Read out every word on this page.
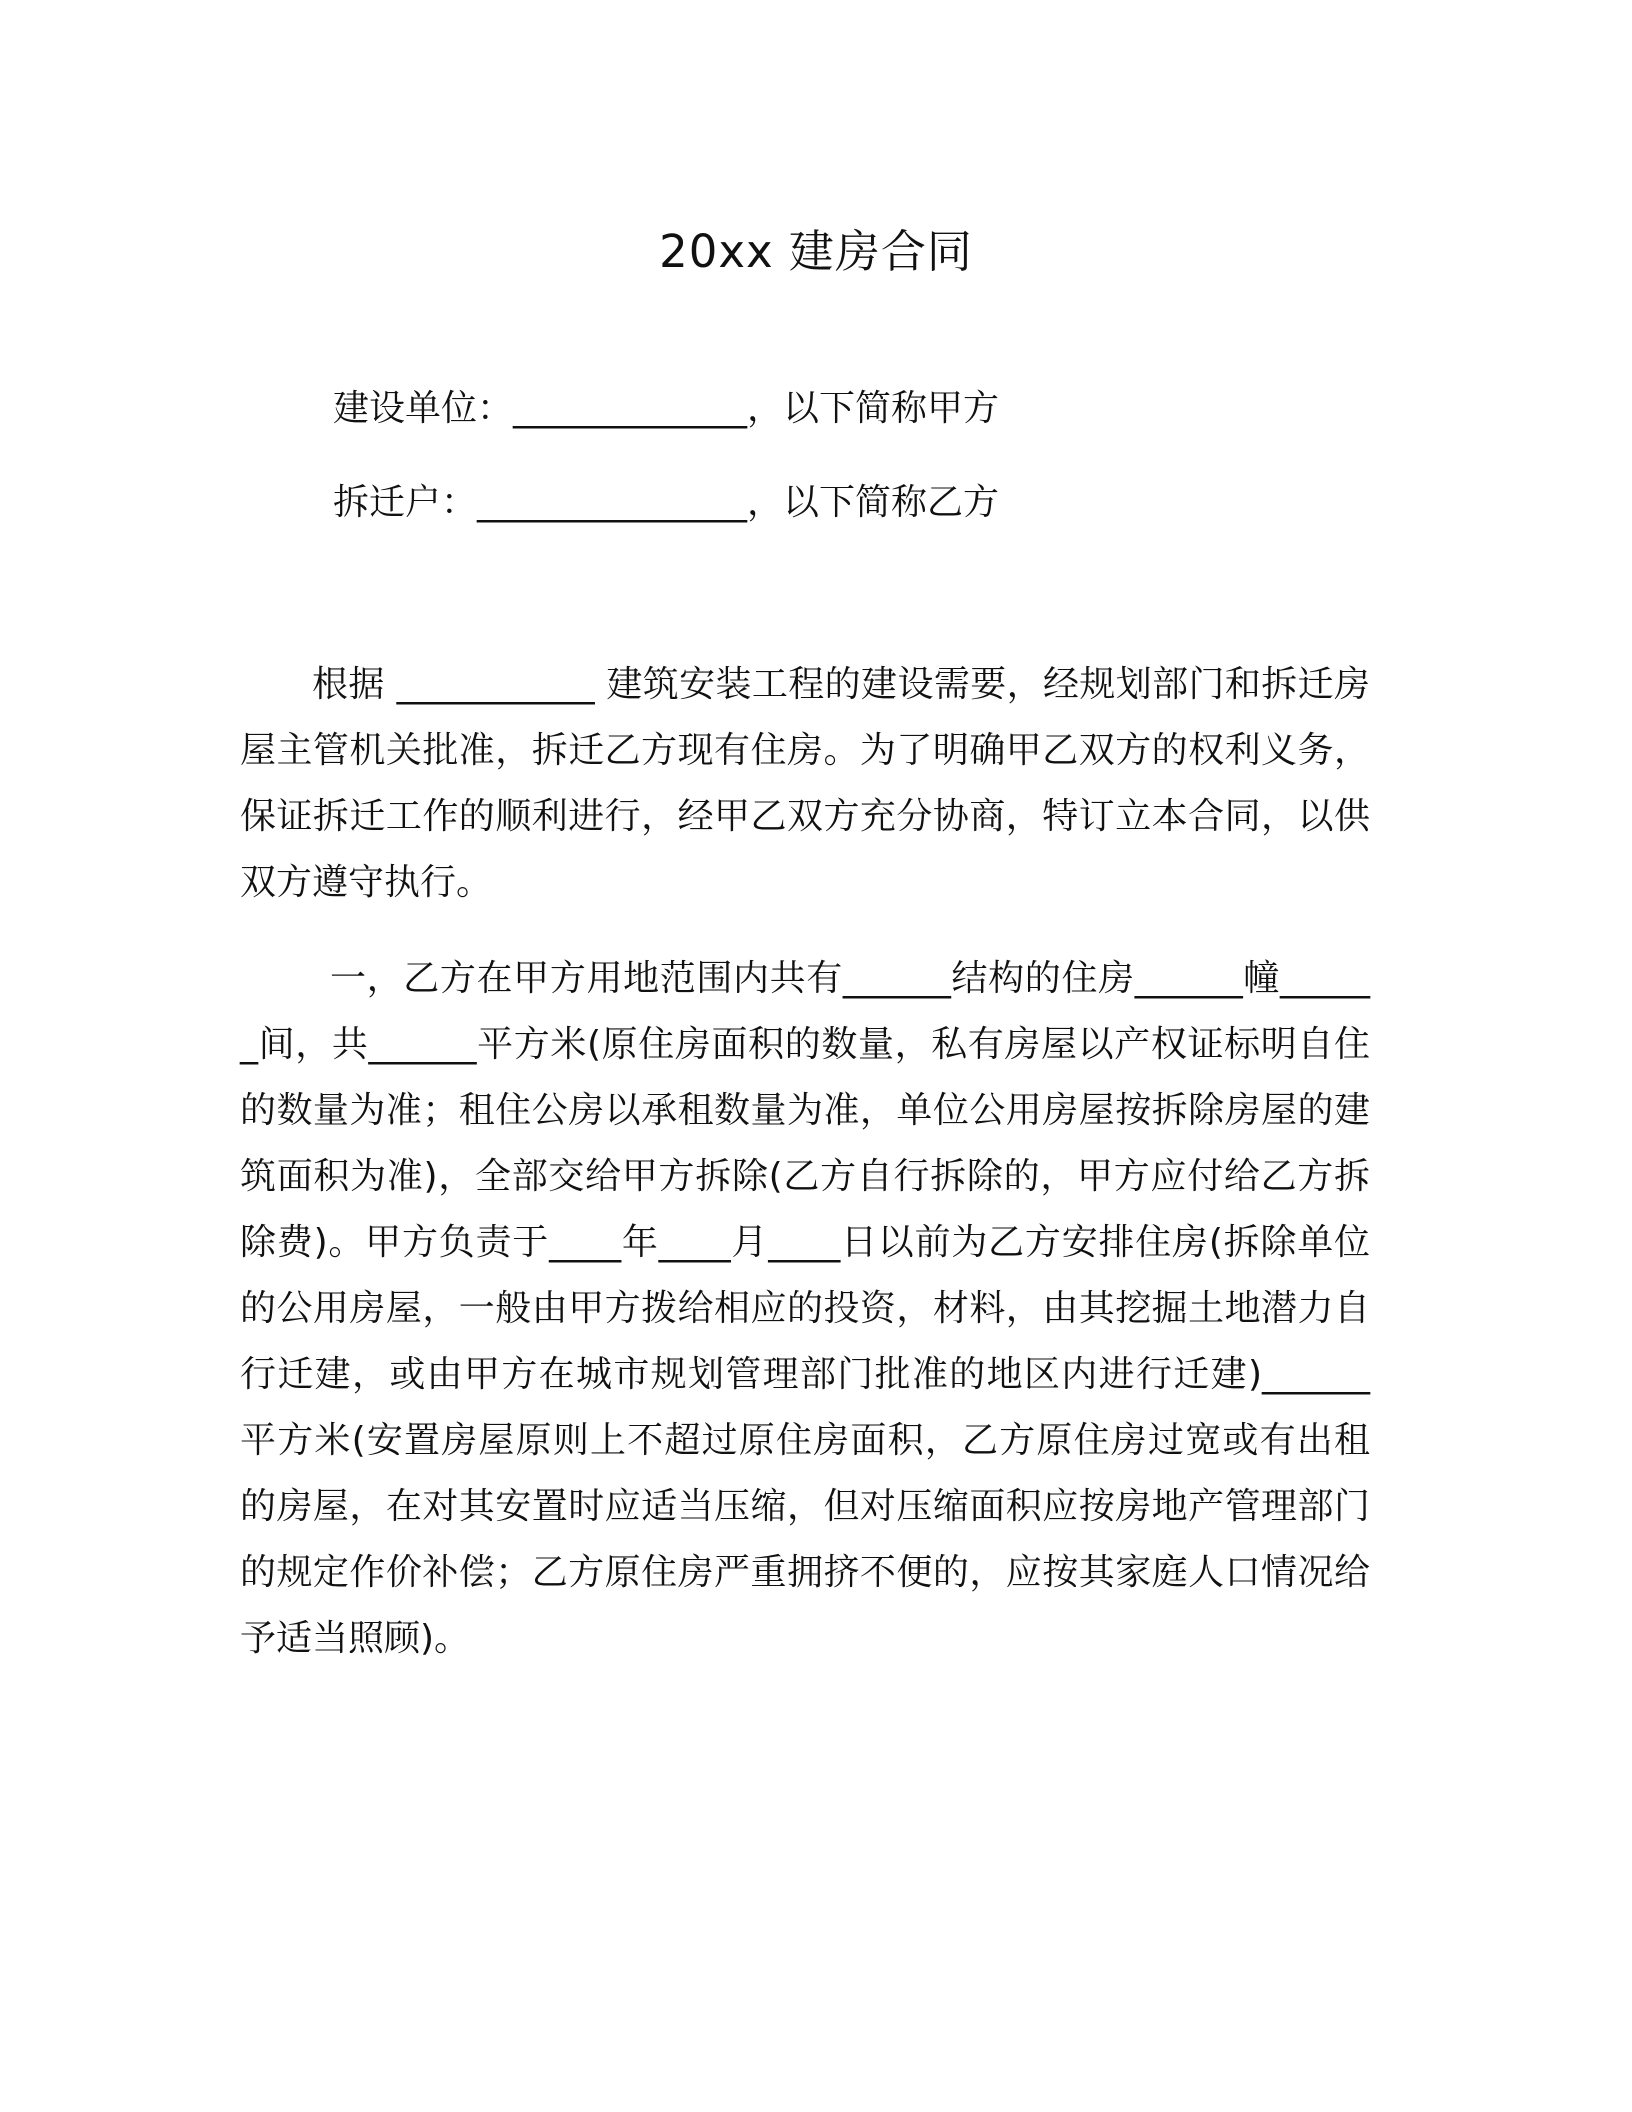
20xx 建房合同
建设单位：_____________，以下简称甲方
拆迁户：_______________，以下简称乙方
根据 ___________ 建筑安装工程的建设需要，经规划部门和拆迁房屋主管机关批准，拆迁乙方现有住房。为了明确甲乙双方的权利义务，保证拆迁工作的顺利进行，经甲乙双方充分协商，特订立本合同，以供双方遵守执行。
一，乙方在甲方用地范围内共有______结构的住房______幢______间，共______平方米(原住房面积的数量，私有房屋以产权证标明自住的数量为准；租住公房以承租数量为准，单位公用房屋按拆除房屋的建筑面积为准)，全部交给甲方拆除(乙方自行拆除的，甲方应付给乙方拆除费)。甲方负责于____年____月____日以前为乙方安排住房(拆除单位的公用房屋，一般由甲方拨给相应的投资，材料，由其挖掘土地潜力自行迁建，或由甲方在城市规划管理部门批准的地区内进行迁建)______平方米(安置房屋原则上不超过原住房面积，乙方原住房过宽或有出租的房屋，在对其安置时应适当压缩，但对压缩面积应按房地产管理部门的规定作价补偿；乙方原住房严重拥挤不便的，应按其家庭人口情况给予适当照顾)。
